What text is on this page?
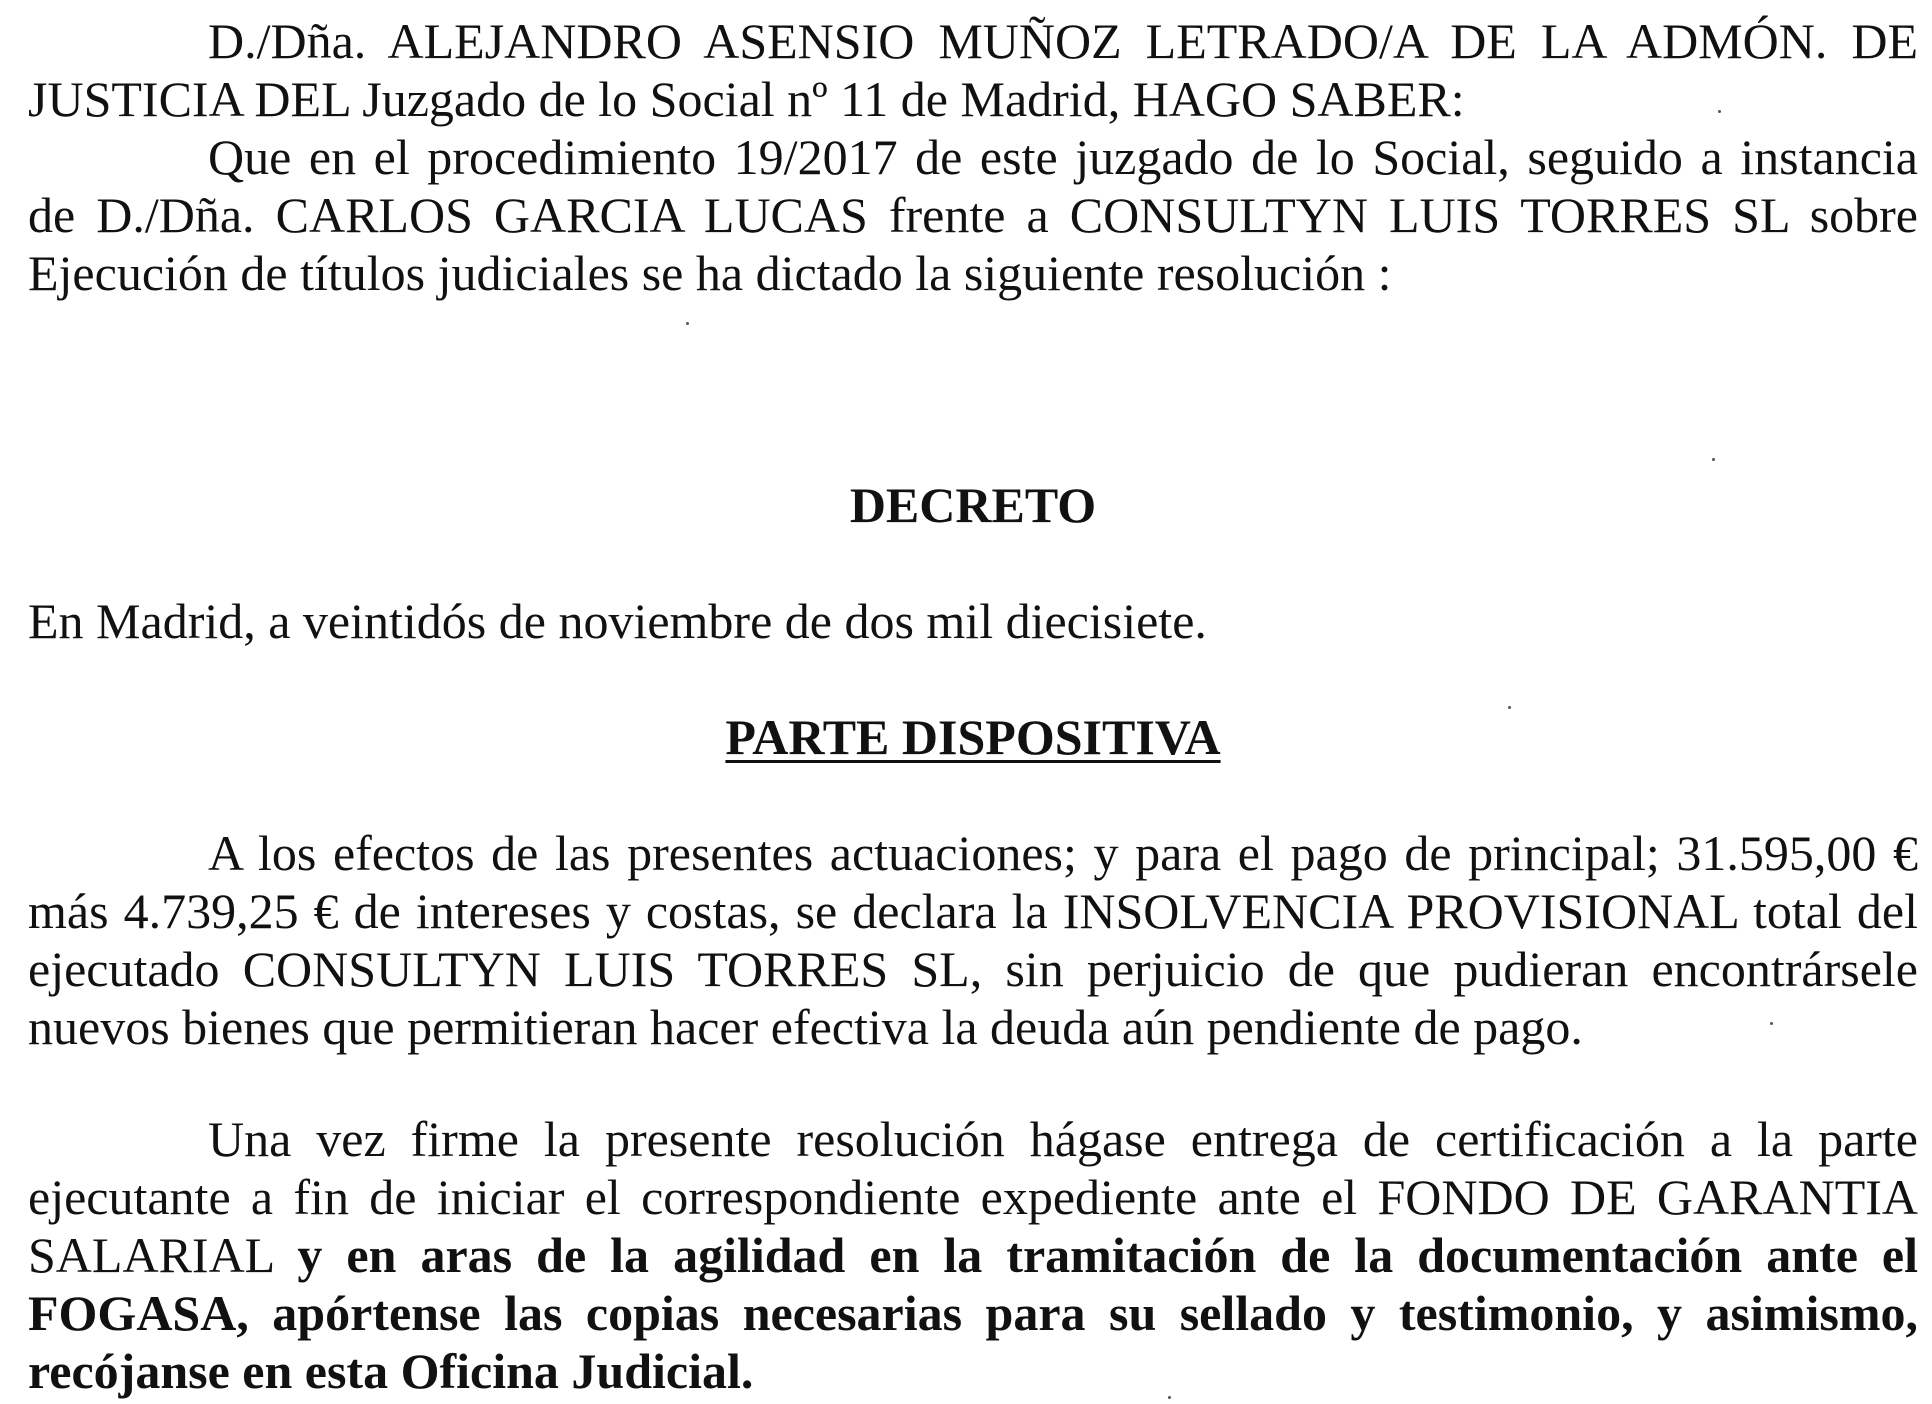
D./Dña. ALEJANDRO ASENSIO MUÑOZ LETRADO/A DE LA ADMÓN. DE
JUSTICIA DEL Juzgado de lo Social nº 11 de Madrid, HAGO SABER:
Que en el procedimiento 19/2017 de este juzgado de lo Social, seguido a instancia
de D./Dña. CARLOS GARCIA LUCAS frente a CONSULTYN LUIS TORRES SL sobre
Ejecución de títulos judiciales se ha dictado la siguiente resolución :
DECRETO
En Madrid, a veintidós de noviembre de dos mil diecisiete.
PARTE DISPOSITIVA
A los efectos de las presentes actuaciones; y para el pago de principal; 31.595,00 €
más 4.739,25 € de intereses y costas, se declara la INSOLVENCIA PROVISIONAL total del
ejecutado CONSULTYN LUIS TORRES SL, sin perjuicio de que pudieran encontrársele
nuevos bienes que permitieran hacer efectiva la deuda aún pendiente de pago.
Una vez firme la presente resolución hágase entrega de certificación a la parte
ejecutante a fin de iniciar el correspondiente expediente ante el FONDO DE GARANTIA
SALARIAL y en aras de la agilidad en la tramitación de la documentación ante el
FOGASA, apórtense las copias necesarias para su sellado y testimonio, y asimismo,
recójanse en esta Oficina Judicial.
